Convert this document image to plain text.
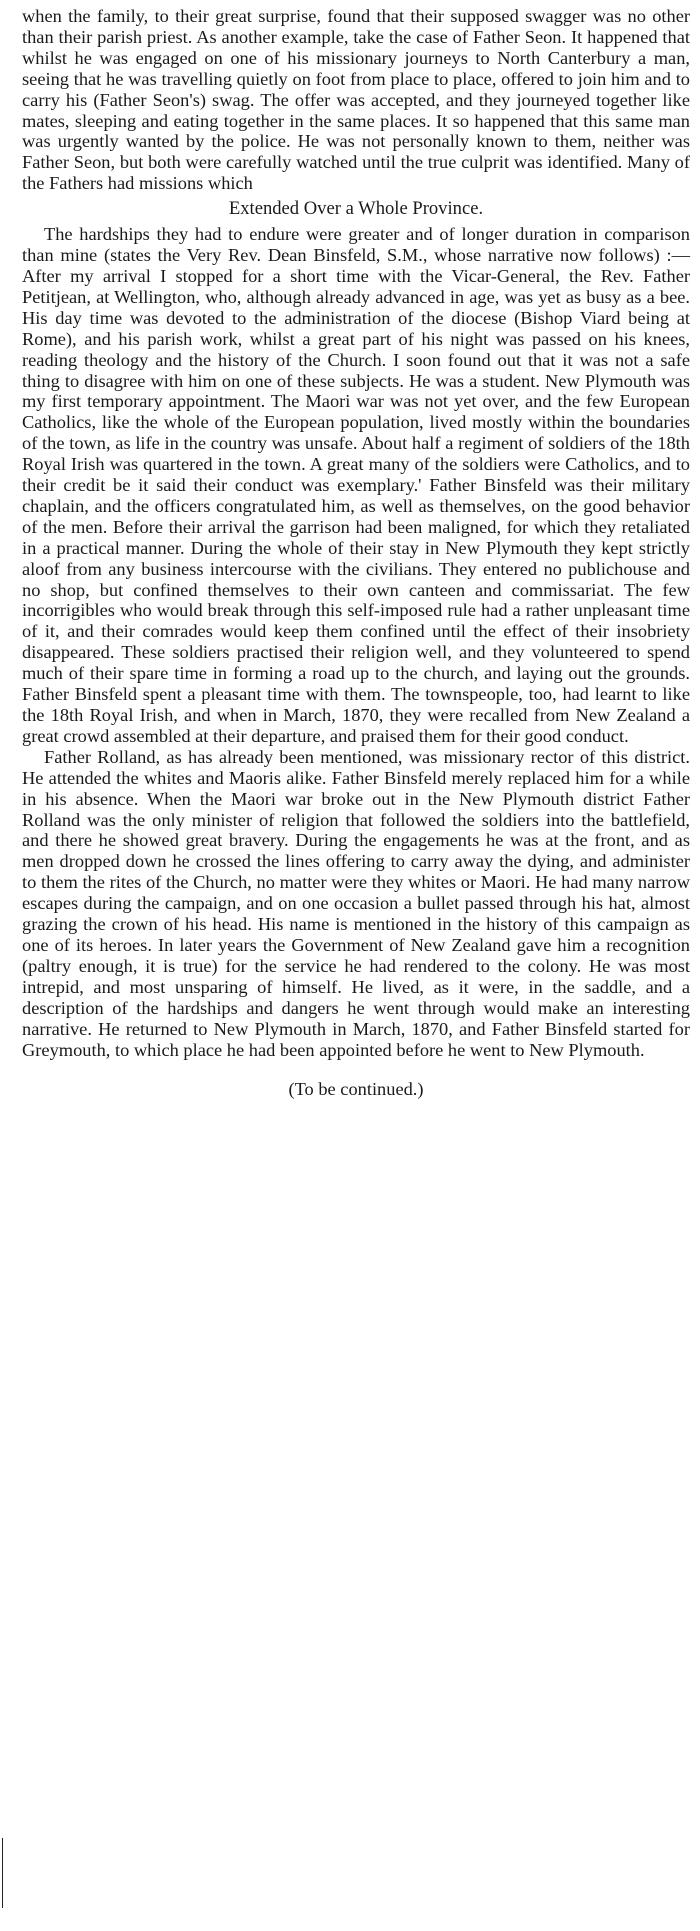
when the family, to their great surprise, found that their supposed swagger was no other than their parish priest. As another example, take the case of Father Seon. It happened that whilst he was engaged on one of his missionary journeys to North Canterbury a man, seeing that he was travelling quietly on foot from place to place, offered to join him and to carry his (Father Seon's) swag. The offer was accepted, and they journeyed together like mates, sleeping and eating together in the same places. It so happened that this same man was urgently wanted by the police. He was not personally known to them, neither was Father Seon, but both were carefully watched until the true culprit was identified. Many of the Fathers had missions which

Extended Over a Whole Province.

The hardships they had to endure were greater and of longer duration in comparison than mine (states the Very Rev. Dean Binsfeld, S.M., whose narrative now follows) :—After my arrival I stopped for a short time with the Vicar-General, the Rev. Father Petitjean, at Wellington, who, although already advanced in age, was yet as busy as a bee. His day time was devoted to the administration of the diocese (Bishop Viard being at Rome), and his parish work, whilst a great part of his night was passed on his knees, reading theology and the history of the Church. I soon found out that it was not a safe thing to disagree with him on one of these subjects. He was a student. New Plymouth was my first temporary appointment. The Maori war was not yet over, and the few European Catholics, like the whole of the European population, lived mostly within the boundaries of the town, as life in the country was unsafe. About half a regiment of soldiers of the 18th Royal Irish was quartered in the town. A great many of the soldiers were Catholics, and to their credit be it said their conduct was exemplary.' Father Binsfeld was their military chaplain, and the officers congratulated him, as well as themselves, on the good behavior of the men. Before their arrival the garrison had been maligned, for which they retaliated in a practical manner. During the whole of their stay in New Plymouth they kept strictly aloof from any business intercourse with the civilians. They entered no publichouse and no shop, but confined themselves to their own canteen and commissariat. The few incorrigibles who would break through this self-imposed rule had a rather unpleasant time of it, and their comrades would keep them confined until the effect of their insobriety disappeared. These soldiers practised their religion well, and they volunteered to spend much of their spare time in forming a road up to the church, and laying out the grounds. Father Binsfeld spent a pleasant time with them. The townspeople, too, had learnt to like the 18th Royal Irish, and when in March, 1870, they were recalled from New Zealand a great crowd assembled at their departure, and praised them for their good conduct.

Father Rolland, as has already been mentioned, was missionary rector of this district. He attended the whites and Maoris alike. Father Binsfeld merely replaced him for a while in his absence. When the Maori war broke out in the New Plymouth district Father Rolland was the only minister of religion that followed the soldiers into the battlefield, and there he showed great bravery. During the engagements he was at the front, and as men dropped down he crossed the lines offering to carry away the dying, and administer to them the rites of the Church, no matter were they whites or Maori. He had many narrow escapes during the campaign, and on one occasion a bullet passed through his hat, almost grazing the crown of his head. His name is mentioned in the history of this campaign as one of its heroes. In later years the Government of New Zealand gave him a recognition (paltry enough, it is true) for the service he had rendered to the colony. He was most intrepid, and most unsparing of himself. He lived, as it were, in the saddle, and a description of the hardships and dangers he went through would make an interesting narrative. He returned to New Plymouth in March, 1870, and Father Binsfeld started for Greymouth, to which place he had been appointed before he went to New Plymouth.

(To be continued.)
